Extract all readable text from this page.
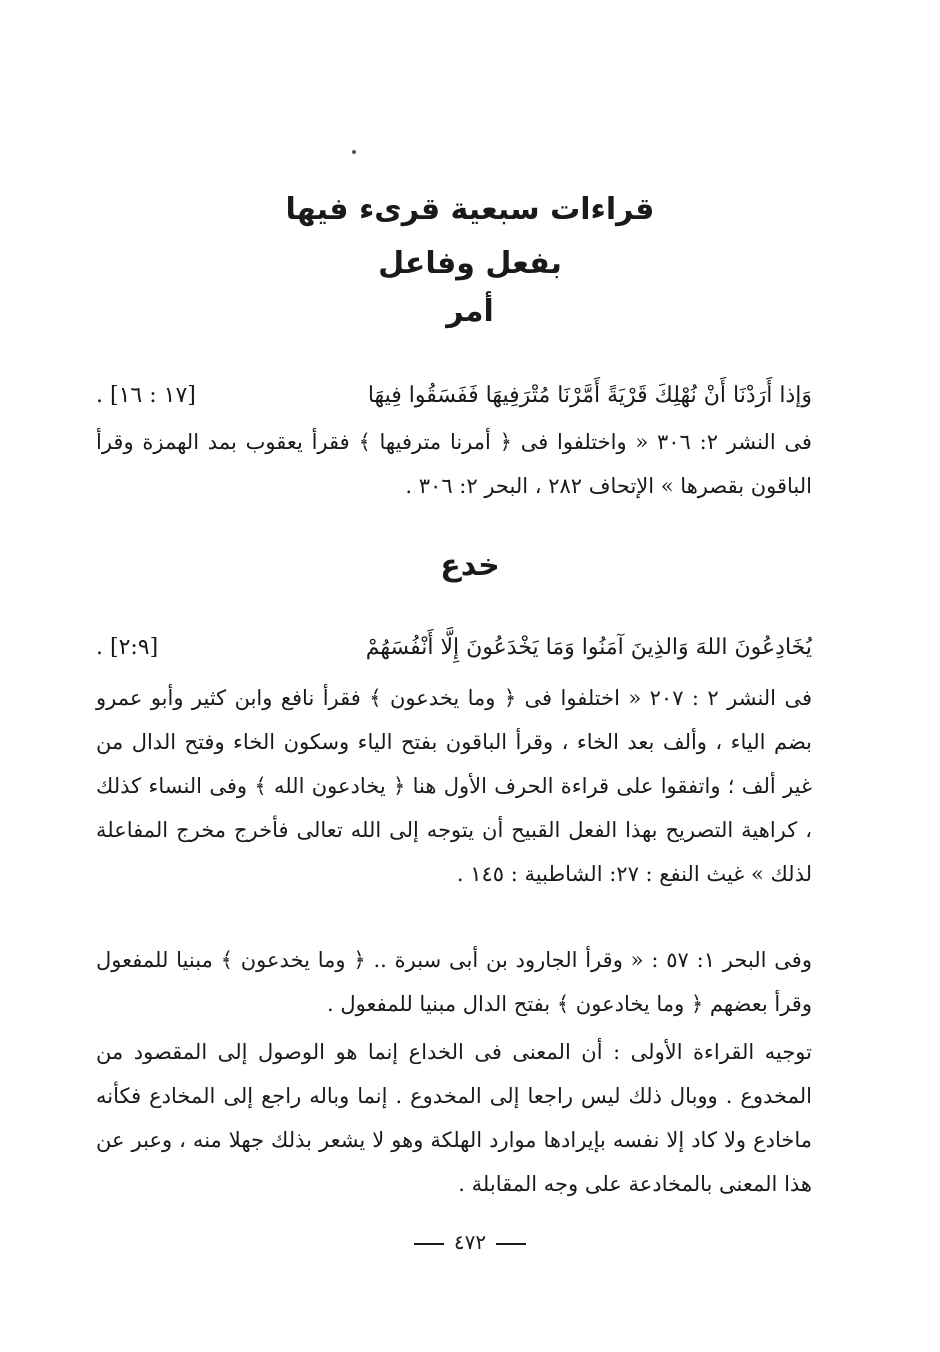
قراءات سبعية قرىء فيها
بفعل وفاعل
أمر
وَإذا أَرَدْنَا أَنْ نُهْلِكَ قَرْيَةً أَمَّرْنَا مُتْرَفِيهَا فَفَسَقُوا فِيهَا
[١٧ : ١٦] .
فى النشر ٢: ٣٠٦ « واختلفوا فى ﴿ أمرنا مترفيها ﴾ فقرأ يعقوب بمد الهمزة وقرأ الباقون بقصرها » الإتحاف ٢٨٢ ، البحر ٢: ٣٠٦ .
خدع
يُخَادِعُونَ اللهَ وَالذِينَ آمَنُوا وَمَا يَخْدَعُونَ إِلَّا أَنْفُسَهُمْ
[٢:٩] .
فى النشر ٢ : ٢٠٧ « اختلفوا فى ﴿ وما يخدعون ﴾ فقرأ نافع وابن كثير وأبو عمرو بضم الياء ، وألف بعد الخاء ، وقرأ الباقون بفتح الياء وسكون الخاء وفتح الدال من غير ألف ؛ واتفقوا على قراءة الحرف الأول هنا ﴿ يخادعون الله ﴾ وفى النساء كذلك ، كراهية التصريح بهذا الفعل القبيح أن يتوجه إلى الله تعالى فأخرج مخرج المفاعلة لذلك » غيث النفع : ٢٧: الشاطبية : ١٤٥ .
وفى البحر ١: ٥٧ : « وقرأ الجارود بن أبى سبرة .. ﴿ وما يخدعون ﴾ مبنيا للمفعول وقرأ بعضهم ﴿ وما يخادعون ﴾ بفتح الدال مبنيا للمفعول .
توجيه القراءة الأولى : أن المعنى فى الخداع إنما هو الوصول إلى المقصود من المخدوع . ووبال ذلك ليس راجعا إلى المخدوع . إنما وباله راجع إلى المخادع فكأنه ماخادع ولا كاد إلا نفسه بإيرادها موارد الهلكة وهو لا يشعر بذلك جهلا منه ، وعبر عن هذا المعنى بالمخادعة على وجه المقابلة .
٤٧٢
